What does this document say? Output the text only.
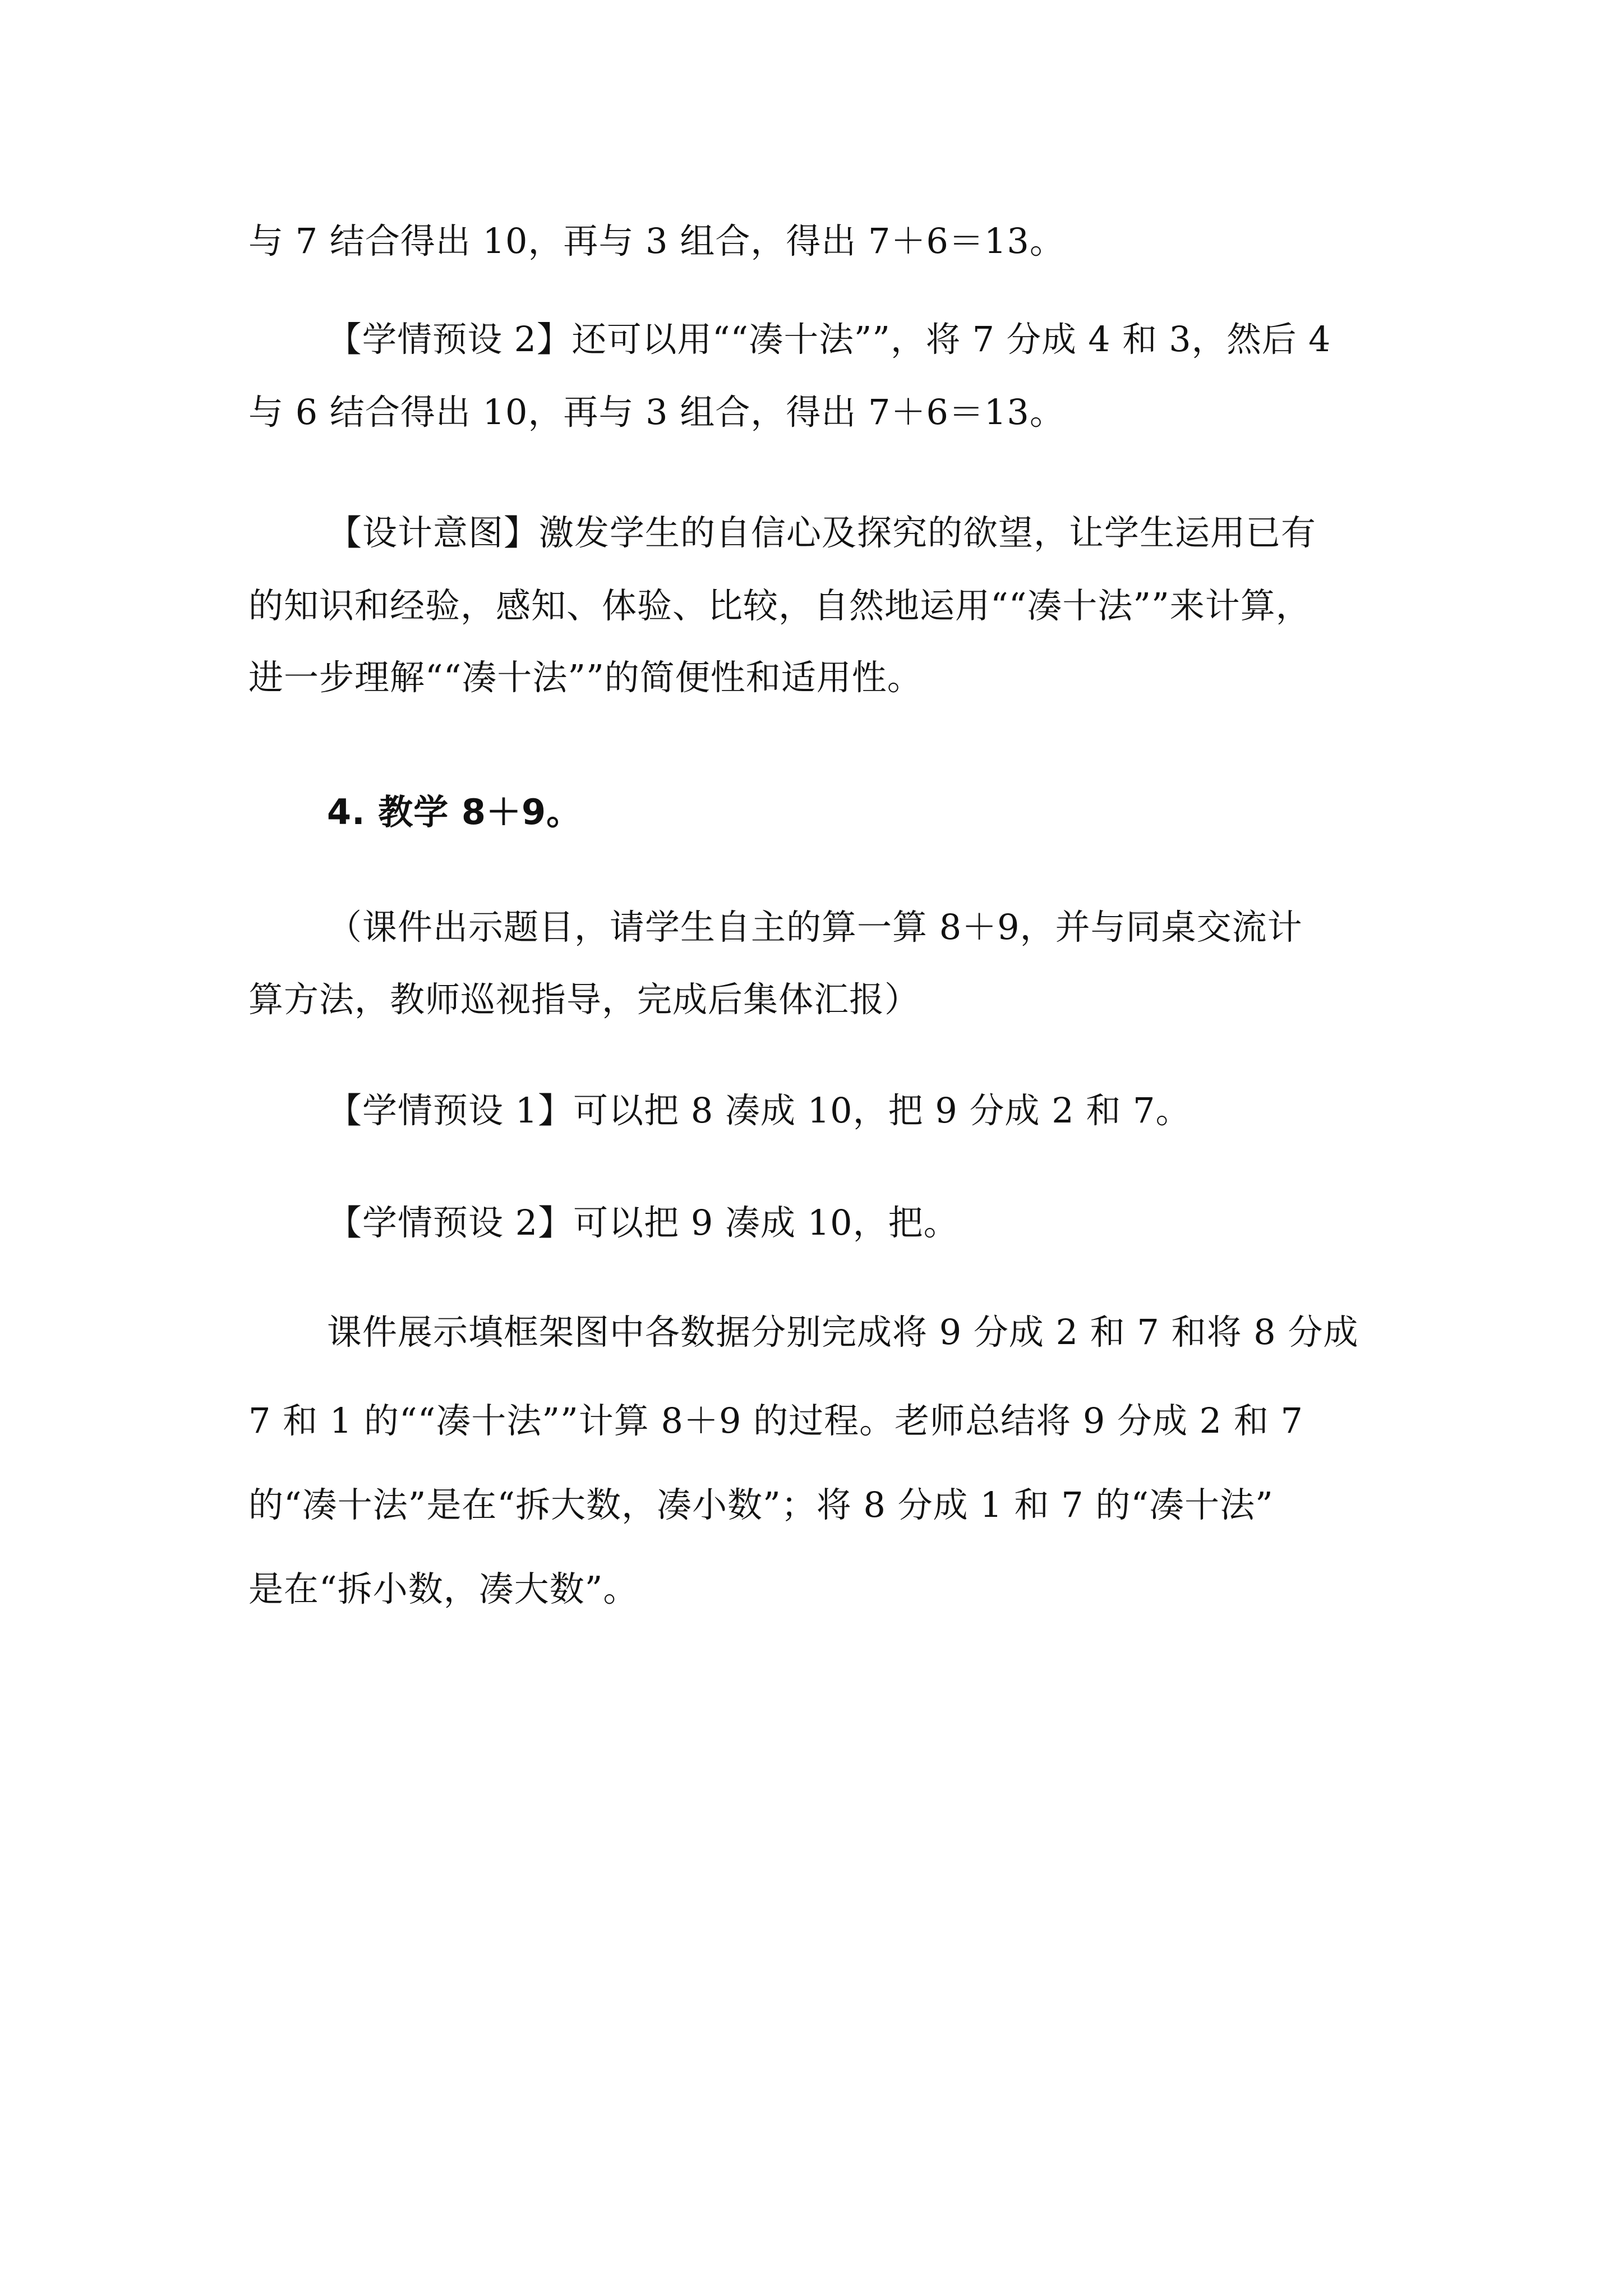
与 7 结合得出 10，再与 3 组合，得出 7＋6＝13。
【学情预设 2】还可以用““凑十法””，将 7 分成 4 和 3，然后 4
与 6 结合得出 10，再与 3 组合，得出 7＋6＝13。
【设计意图】激发学生的自信心及探究的欲望，让学生运用已有
的知识和经验，感知、体验、比较，自然地运用““凑十法””来计算，
进一步理解““凑十法””的简便性和适用性。
4. 教学 8＋9。
（课件出示题目，请学生自主的算一算 8＋9，并与同桌交流计
算方法，教师巡视指导，完成后集体汇报）
【学情预设 1】可以把 8 凑成 10，把 9 分成 2 和 7。
【学情预设 2】可以把 9 凑成 10，把。
课件展示填框架图中各数据分别完成将 9 分成 2 和 7 和将 8 分成
7 和 1 的““凑十法””计算 8＋9 的过程。老师总结将 9 分成 2 和 7
的“凑十法”是在“拆大数，凑小数”；将 8 分成 1 和 7 的“凑十法”
是在“拆小数，凑大数”。
